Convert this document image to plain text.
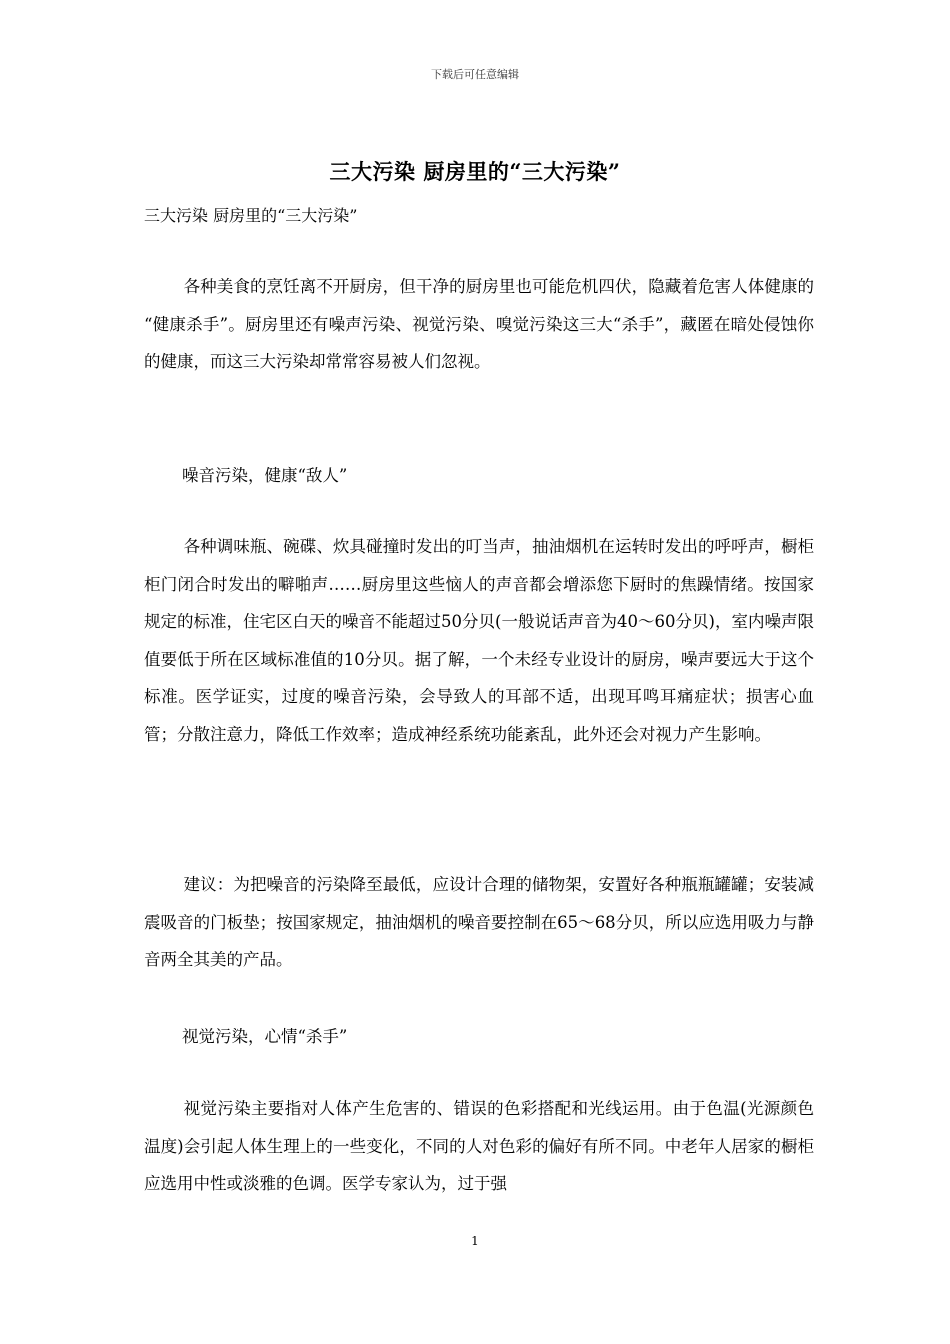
下载后可任意编辑
三大污染 厨房里的“三大污染”
三大污染 厨房里的“三大污染”

各种美食的烹饪离不开厨房，但干净的厨房里也可能危机四伏，隐藏着危害人体健康的 “健康杀手”。厨房里还有噪声污染、视觉污染、嗅觉污染这三大“杀手”，藏匿在暗处侵蚀你的健康，而这三大污染却常常容易被人们忽视。

噪音污染，健康“敌人”

各种调味瓶、碗碟、炊具碰撞时发出的叮当声，抽油烟机在运转时发出的呼呼声，橱柜柜门闭合时发出的噼啪声……厨房里这些恼人的声音都会增添您下厨时的焦躁情绪。按国家规定的标准，住宅区白天的噪音不能超过50分贝(一般说话声音为40～60分贝)，室内噪声限值要低于所在区域标准值的10分贝。据了解，一个未经专业设计的厨房，噪声要远大于这个标准。医学证实，过度的噪音污染，会导致人的耳部不适，出现耳鸣耳痛症状；损害心血管；分散注意力，降低工作效率；造成神经系统功能紊乱，此外还会对视力产生影响。

建议：为把噪音的污染降至最低，应设计合理的储物架，安置好各种瓶瓶罐罐；安装减震吸音的门板垫；按国家规定，抽油烟机的噪音要控制在65～68分贝，所以应选用吸力与静音两全其美的产品。

视觉污染，心情“杀手”

视觉污染主要指对人体产生危害的、错误的色彩搭配和光线运用。由于色温(光源颜色温度)会引起人体生理上的一些变化，不同的人对色彩的偏好有所不同。中老年人居家的橱柜应选用中性或淡雅的色调。医学专家认为，过于强

1
